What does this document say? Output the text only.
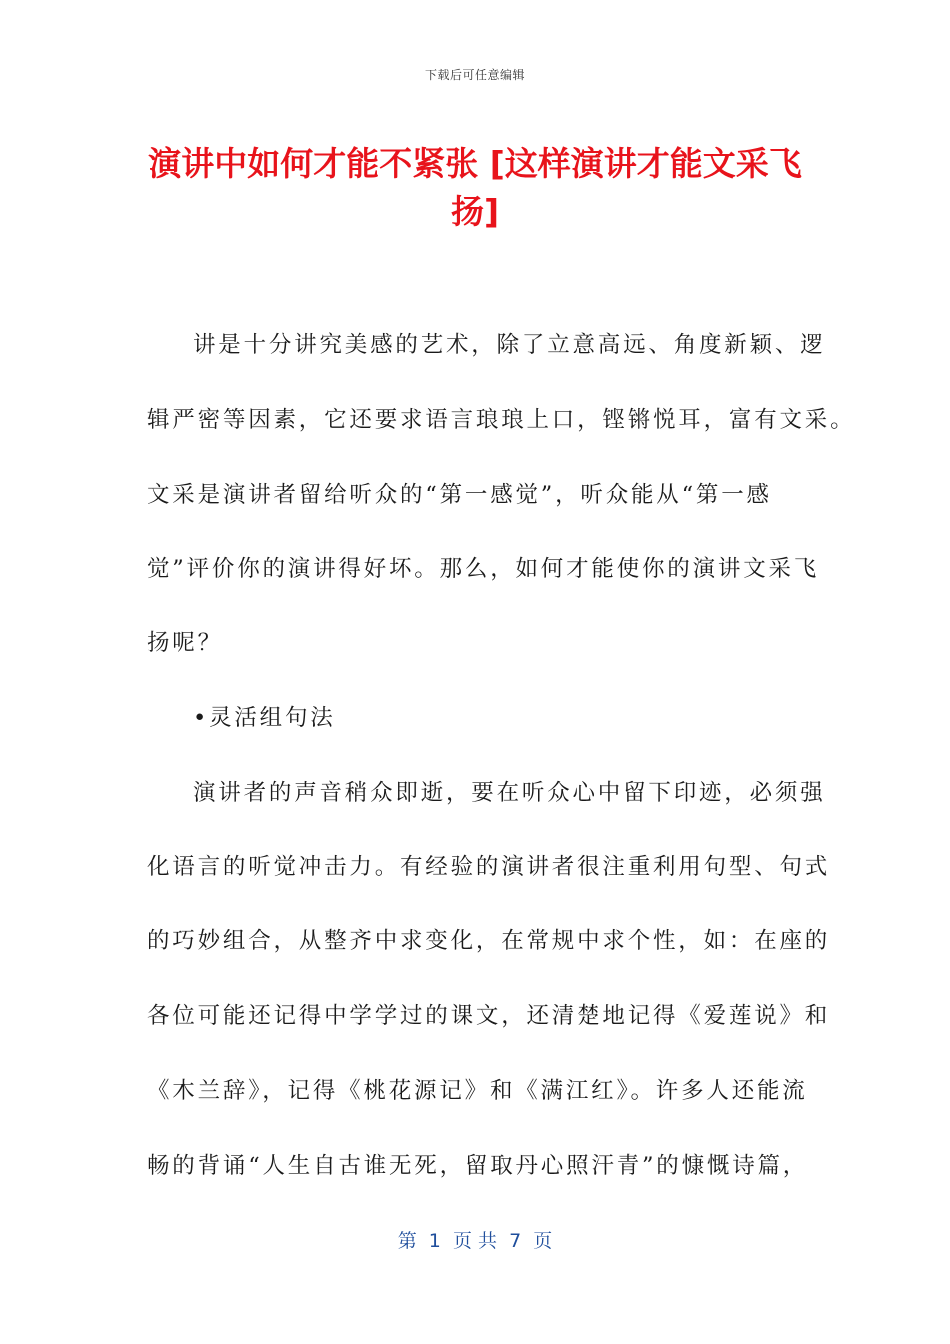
下载后可任意编辑
演讲中如何才能不紧张 [这样演讲才能文采飞
扬]
讲是十分讲究美感的艺术，除了立意高远、角度新颖、逻
辑严密等因素，它还要求语言琅琅上口，铿锵悦耳，富有文采。
文采是演讲者留给听众的“第一感觉”，听众能从“第一感
觉”评价你的演讲得好坏。那么，如何才能使你的演讲文采飞
扬呢？
•灵活组句法
演讲者的声音稍众即逝，要在听众心中留下印迹，必须强
化语言的听觉冲击力。有经验的演讲者很注重利用句型、句式
的巧妙组合，从整齐中求变化，在常规中求个性，如：在座的
各位可能还记得中学学过的课文，还清楚地记得《爱莲说》和
《木兰辞》，记得《桃花源记》和《满江红》。许多人还能流
畅的背诵“人生自古谁无死，留取丹心照汗青”的慷慨诗篇，
第  1  页 共  7  页
